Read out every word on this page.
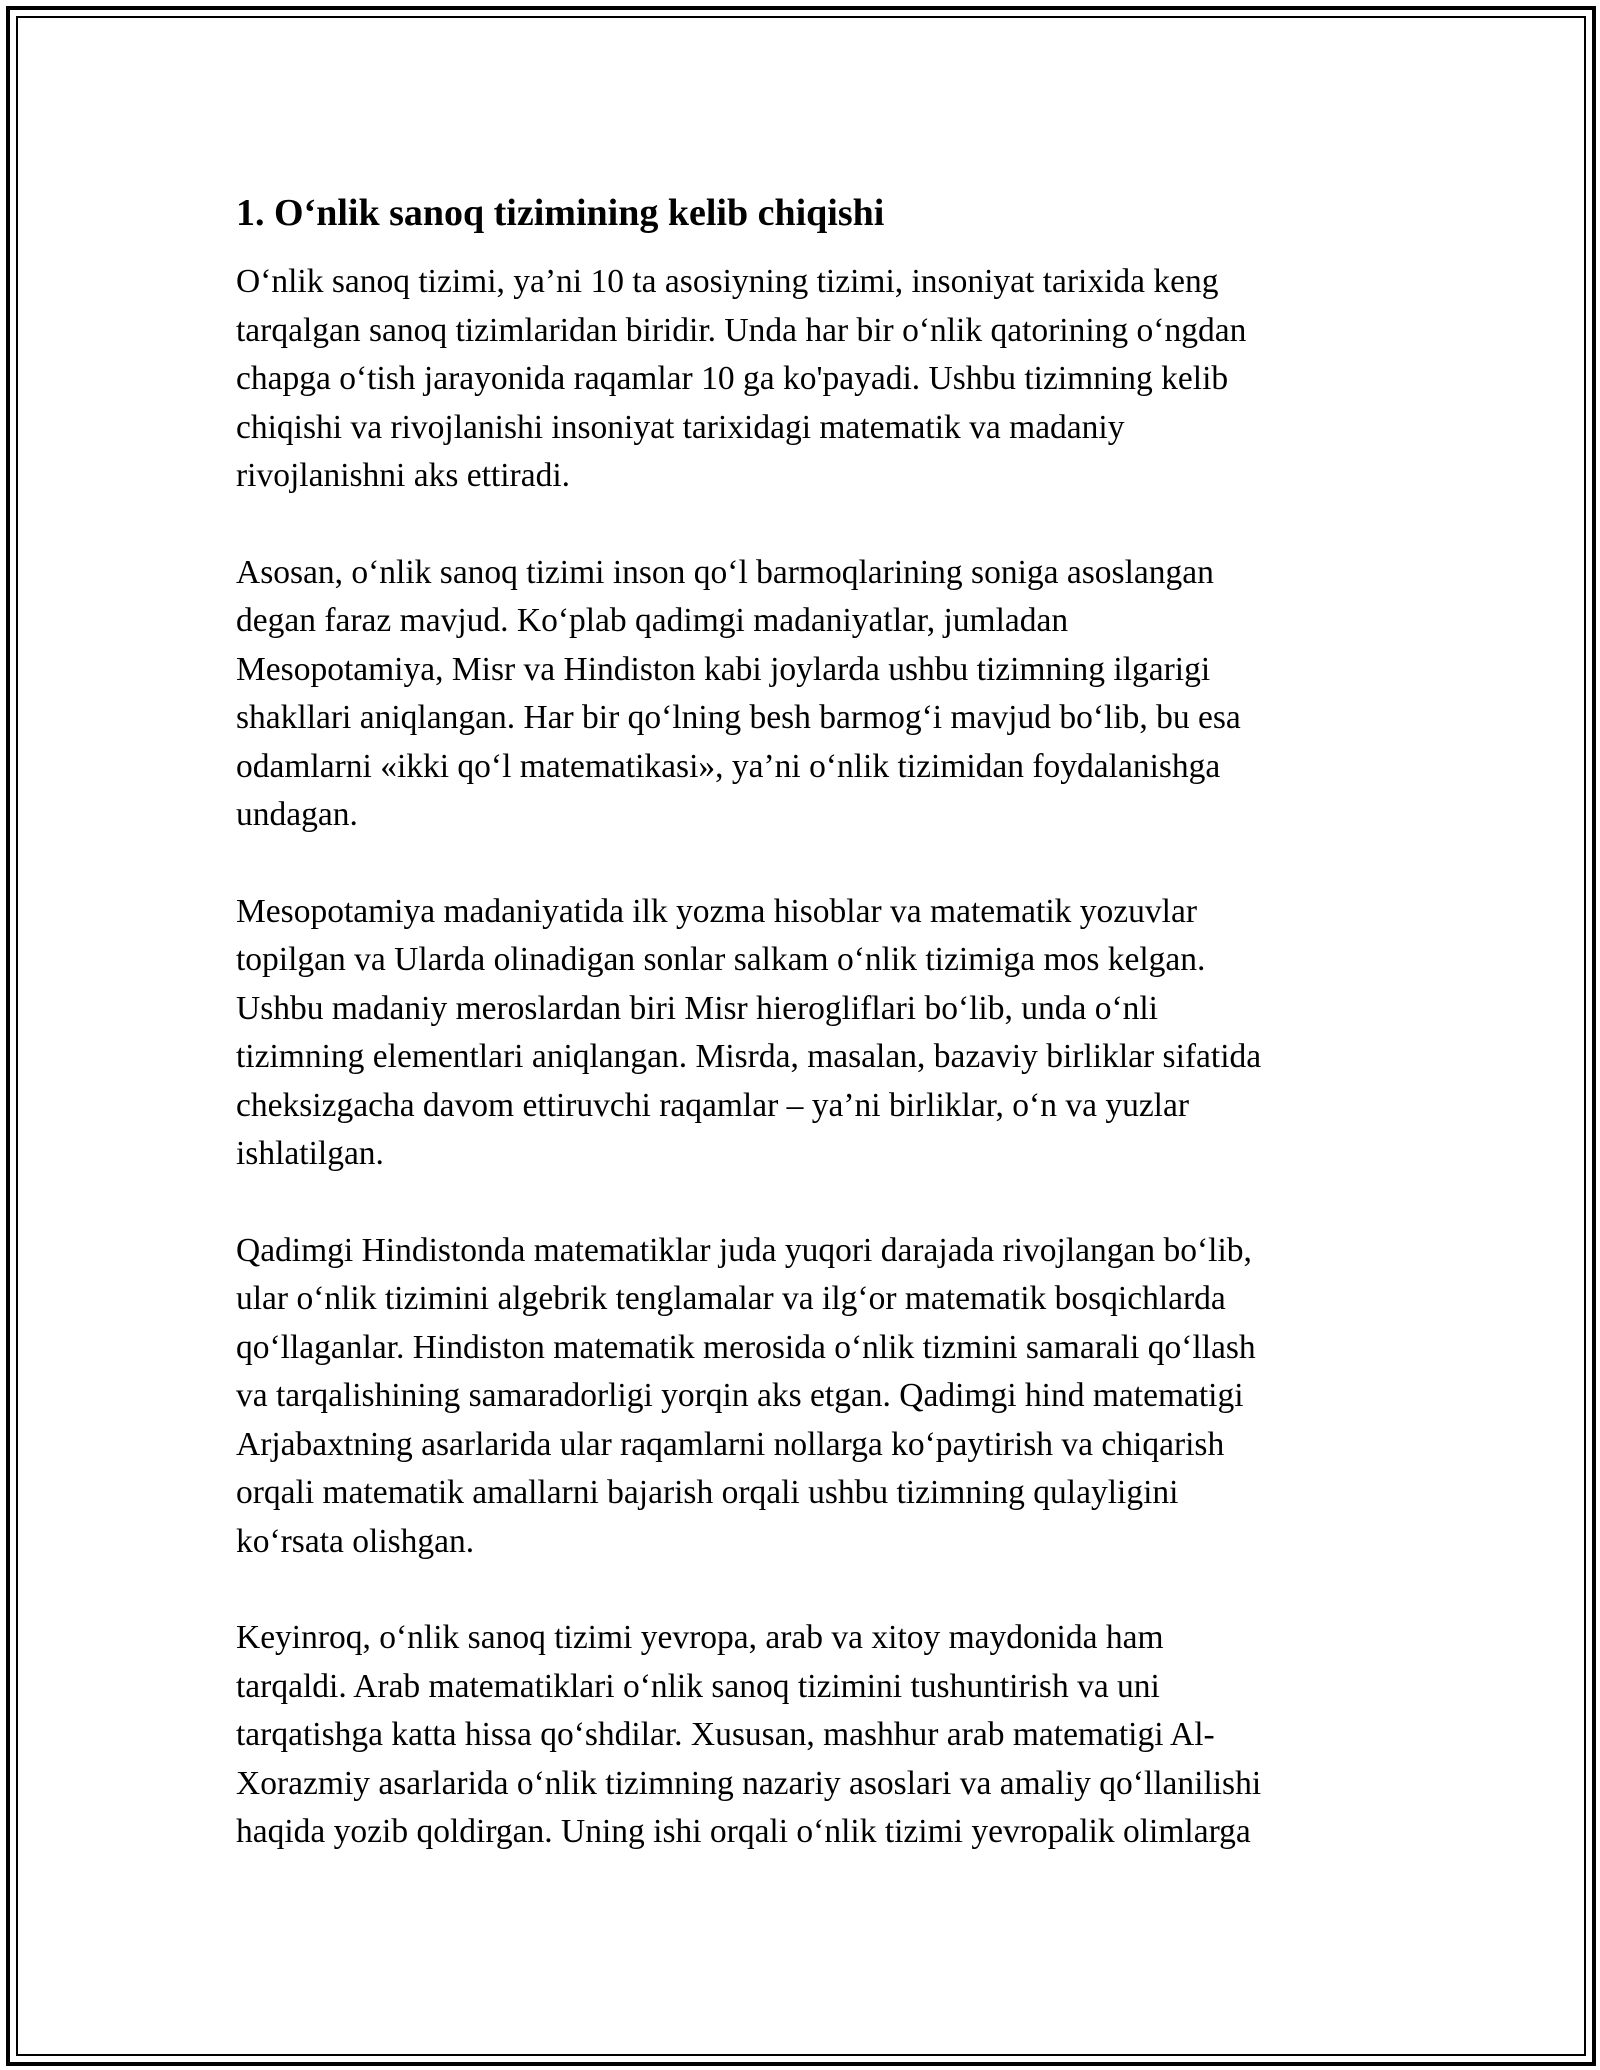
1. O‘nlik sanoq tizimining kelib chiqishi
O‘nlik sanoq tizimi, ya’ni 10 ta asosiyning tizimi, insoniyat tarixida keng
tarqalgan sanoq tizimlaridan biridir. Unda har bir o‘nlik qatorining o‘ngdan
chapga o‘tish jarayonida raqamlar 10 ga ko'payadi. Ushbu tizimning kelib
chiqishi va rivojlanishi insoniyat tarixidagi matematik va madaniy
rivojlanishni aks ettiradi.
Asosan, o‘nlik sanoq tizimi inson qo‘l barmoqlarining soniga asoslangan
degan faraz mavjud. Ko‘plab qadimgi madaniyatlar, jumladan
Mesopotamiya, Misr va Hindiston kabi joylarda ushbu tizimning ilgarigi
shakllari aniqlangan. Har bir qo‘lning besh barmog‘i mavjud bo‘lib, bu esa
odamlarni «ikki qo‘l matematikasi», ya’ni o‘nlik tizimidan foydalanishga
undagan.
Mesopotamiya madaniyatida ilk yozma hisoblar va matematik yozuvlar
topilgan va Ularda olinadigan sonlar salkam o‘nlik tizimiga mos kelgan.
Ushbu madaniy meroslardan biri Misr hierogliflari bo‘lib, unda o‘nli
tizimning elementlari aniqlangan. Misrda, masalan, bazaviy birliklar sifatida
cheksizgacha davom ettiruvchi raqamlar – ya’ni birliklar, o‘n va yuzlar
ishlatilgan.
Qadimgi Hindistonda matematiklar juda yuqori darajada rivojlangan bo‘lib,
ular o‘nlik tizimini algebrik tenglamalar va ilg‘or matematik bosqichlarda
qo‘llaganlar. Hindiston matematik merosida o‘nlik tizmini samarali qo‘llash
va tarqalishining samaradorligi yorqin aks etgan. Qadimgi hind matematigi
Arjabaxtning asarlarida ular raqamlarni nollarga ko‘paytirish va chiqarish
orqali matematik amallarni bajarish orqali ushbu tizimning qulayligini
ko‘rsata olishgan.
Keyinroq, o‘nlik sanoq tizimi yevropa, arab va xitoy maydonida ham
tarqaldi. Arab matematiklari o‘nlik sanoq tizimini tushuntirish va uni
tarqatishga katta hissa qo‘shdilar. Xususan, mashhur arab matematigi Al-
Xorazmiy asarlarida o‘nlik tizimning nazariy asoslari va amaliy qo‘llanilishi
haqida yozib qoldirgan. Uning ishi orqali o‘nlik tizimi yevropalik olimlarga
